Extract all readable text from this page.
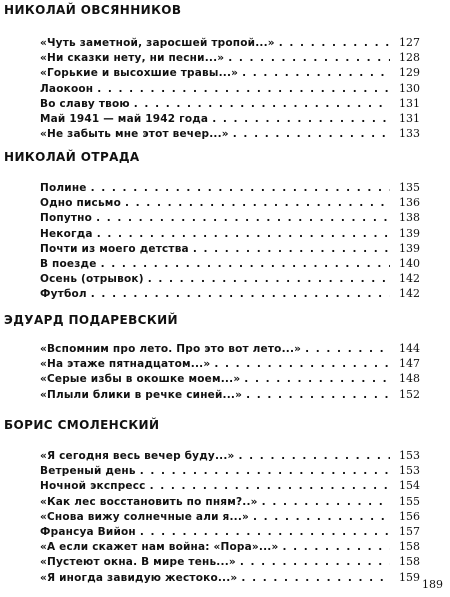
НИКОЛАЙ ОВСЯННИКОВ
«Чуть заметной, заросшей тропой...» . . .	127
«Ни сказки нету, ни песни...» . . .	128
«Горькие и высохшие травы...» . . .	129
Лаокоон . . .	130
Во славу твою . . .	131
Май 1941 — май 1942 года . . .	131
«Не забыть мне этот вечер...» . . .	133
НИКОЛАЙ ОТРАДА
Полине . . .	135
Одно письмо . . .	136
Попутно . . .	138
Некогда . . .	139
Почти из моего детства . . .	139
В поезде . . .	140
Осень (отрывок) . . .	142
Футбол . . .	142
ЭДУАРД ПОДАРЕВСКИЙ
«Вспомним про лето. Про это вот лето...» . . .	144
«На этаже пятнадцатом...» . . .	147
«Серые избы в окошке моем...» . . .	148
«Плыли блики в речке синей...» . . .	152
БОРИС СМОЛЕНСКИЙ
«Я сегодня весь вечер буду...» . . .	153
Ветреный день . . .	153
Ночной экспресс . . .	154
«Как лес восстановить по пням?..» . . .	155
«Снова вижу солнечные али я...» . . .	156
Франсуа Вийон . . .	157
«А если скажет нам война: «Пора»...» . . .	158
«Пустеют окна. В мире тень...» . . .	158
«Я иногда завидую жестоко...» . . .	159
189
